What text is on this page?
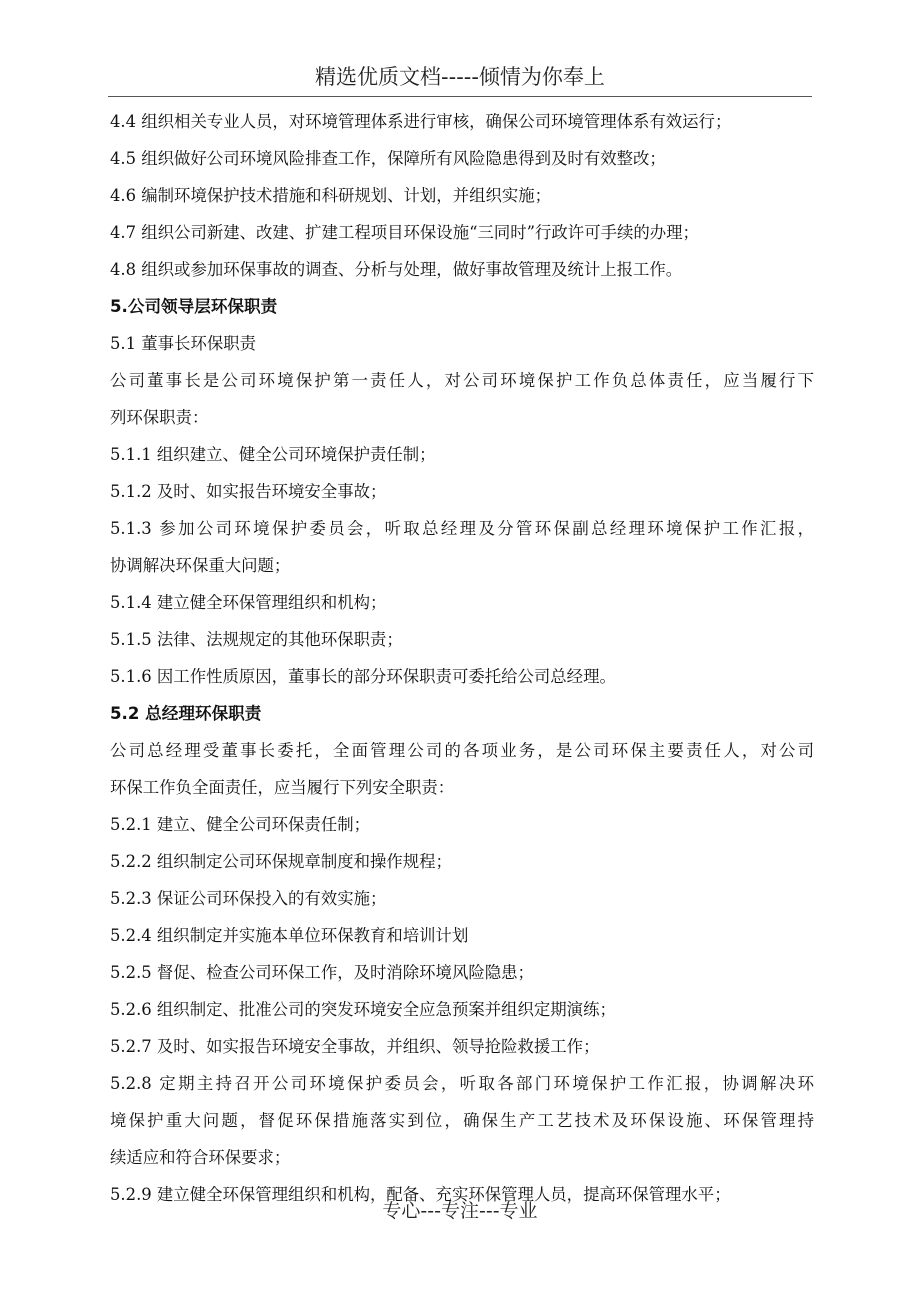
精选优质文档-----倾情为你奉上
4.4 组织相关专业人员，对环境管理体系进行审核，确保公司环境管理体系有效运行；
4.5 组织做好公司环境风险排查工作，保障所有风险隐患得到及时有效整改；
4.6 编制环境保护技术措施和科研规划、计划，并组织实施；
4.7 组织公司新建、改建、扩建工程项目环保设施“三同时”行政许可手续的办理；
4.8 组织或参加环保事故的调查、分析与处理，做好事故管理及统计上报工作。
5.公司领导层环保职责
5.1 董事长环保职责
公司董事长是公司环境保护第一责任人，对公司环境保护工作负总体责任，应当履行下
列环保职责：
5.1.1 组织建立、健全公司环境保护责任制；
5.1.2 及时、如实报告环境安全事故；
5.1.3 参加公司环境保护委员会，听取总经理及分管环保副总经理环境保护工作汇报，
协调解决环保重大问题；
5.1.4 建立健全环保管理组织和机构；
5.1.5 法律、法规规定的其他环保职责；
5.1.6 因工作性质原因，董事长的部分环保职责可委托给公司总经理。
5.2 总经理环保职责
公司总经理受董事长委托，全面管理公司的各项业务，是公司环保主要责任人，对公司
环保工作负全面责任，应当履行下列安全职责：
5.2.1 建立、健全公司环保责任制；
5.2.2 组织制定公司环保规章制度和操作规程；
5.2.3 保证公司环保投入的有效实施；
5.2.4 组织制定并实施本单位环保教育和培训计划
5.2.5 督促、检查公司环保工作，及时消除环境风险隐患；
5.2.6 组织制定、批准公司的突发环境安全应急预案并组织定期演练；
5.2.7 及时、如实报告环境安全事故，并组织、领导抢险救援工作；
5.2.8 定期主持召开公司环境保护委员会，听取各部门环境保护工作汇报，协调解决环
境保护重大问题，督促环保措施落实到位，确保生产工艺技术及环保设施、环保管理持
续适应和符合环保要求；
5.2.9 建立健全环保管理组织和机构，配备、充实环保管理人员，提高环保管理水平；
专心---专注---专业
